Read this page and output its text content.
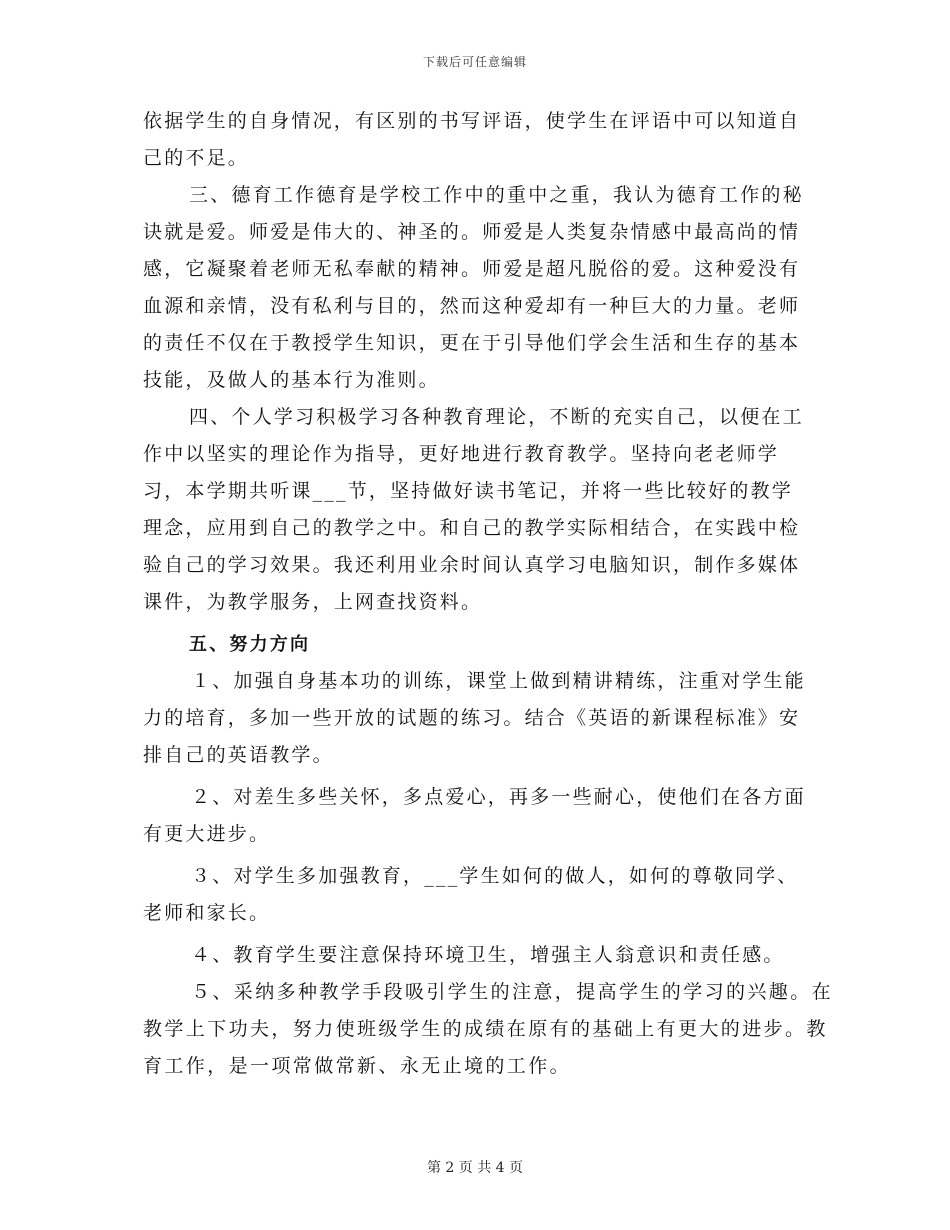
下载后可任意编辑

依据学生的自身情况，有区别的书写评语，使学生在评语中可以知道自己的不足。

三、德育工作德育是学校工作中的重中之重，我认为德育工作的秘诀就是爱。师爱是伟大的、神圣的。师爱是人类复杂情感中最高尚的情感，它凝聚着老师无私奉献的精神。师爱是超凡脱俗的爱。这种爱没有血源和亲情，没有私利与目的，然而这种爱却有一种巨大的力量。老师的责任不仅在于教授学生知识，更在于引导他们学会生活和生存的基本技能，及做人的基本行为准则。

四、个人学习积极学习各种教育理论，不断的充实自己，以便在工作中以坚实的理论作为指导，更好地进行教育教学。坚持向老老师学习，本学期共听课___节，坚持做好读书笔记，并将一些比较好的教学理念，应用到自己的教学之中。和自己的教学实际相结合，在实践中检验自己的学习效果。我还利用业余时间认真学习电脑知识，制作多媒体课件，为教学服务，上网查找资料。

五、努力方向

１、加强自身基本功的训练，课堂上做到精讲精练，注重对学生能力的培育，多加一些开放的试题的练习。结合《英语的新课程标准》安排自己的英语教学。

２、对差生多些关怀，多点爱心，再多一些耐心，使他们在各方面有更大进步。

３、对学生多加强教育，___学生如何的做人，如何的尊敬同学、老师和家长。

４、教育学生要注意保持环境卫生，增强主人翁意识和责任感。

５、采纳多种教学手段吸引学生的注意，提高学生的学习的兴趣。在教学上下功夫，努力使班级学生的成绩在原有的基础上有更大的进步。教育工作，是一项常做常新、永无止境的工作。

第 2 页 共 4 页
